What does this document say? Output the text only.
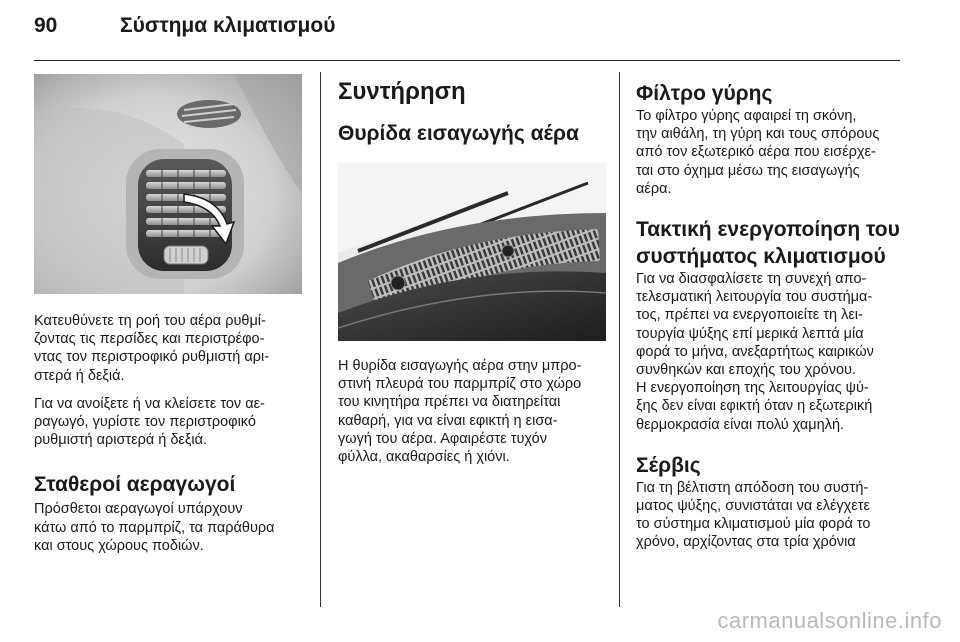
90	Σύστημα κλιματισμού

Κατευθύνετε τη ροή του αέρα ρυθμί-
ζοντας τις περσίδες και περιστρέφο-
ντας τον περιστροφικό ρυθμιστή αρι-
στερά ή δεξιά.

Για να ανοίξετε ή να κλείσετε τον αε-
ραγωγό, γυρίστε τον περιστροφικό
ρυθμιστή αριστερά ή δεξιά.

Σταθεροί αεραγωγοί

Πρόσθετοι αεραγωγοί υπάρχουν
κάτω από το παρμπρίζ, τα παράθυρα
και στους χώρους ποδιών.

Συντήρηση
Θυρίδα εισαγωγής αέρα

Η θυρίδα εισαγωγής αέρα στην μπρο-
στινή πλευρά του παρμπρίζ στο χώρο
του κινητήρα πρέπει να διατηρείται
καθαρή, για να είναι εφικτή η εισα-
γωγή του αέρα. Αφαιρέστε τυχόν
φύλλα, ακαθαρσίες ή χιόνι.

Φίλτρο γύρης

Το φίλτρο γύρης αφαιρεί τη σκόνη,
την αιθάλη, τη γύρη και τους σπόρους
από τον εξωτερικό αέρα που εισέρχε-
ται στο όχημα μέσω της εισαγωγής
αέρα.

Τακτική ενεργοποίηση του
συστήματος κλιματισμού

Για να διασφαλίσετε τη συνεχή απο-
τελεσματική λειτουργία του συστήμα-
τος, πρέπει να ενεργοποιείτε τη λει-
τουργία ψύξης επί μερικά λεπτά μία
φορά το μήνα, ανεξαρτήτως καιρικών
συνθηκών και εποχής του χρόνου.
Η ενεργοποίηση της λειτουργίας ψύ-
ξης δεν είναι εφικτή όταν η εξωτερική
θερμοκρασία είναι πολύ χαμηλή.

Σέρβις

Για τη βέλτιστη απόδοση του συστή-
ματος ψύξης, συνιστάται να ελέγχετε
το σύστημα κλιματισμού μία φορά το
χρόνο, αρχίζοντας στα τρία χρόνια

carmanualsonline.info
